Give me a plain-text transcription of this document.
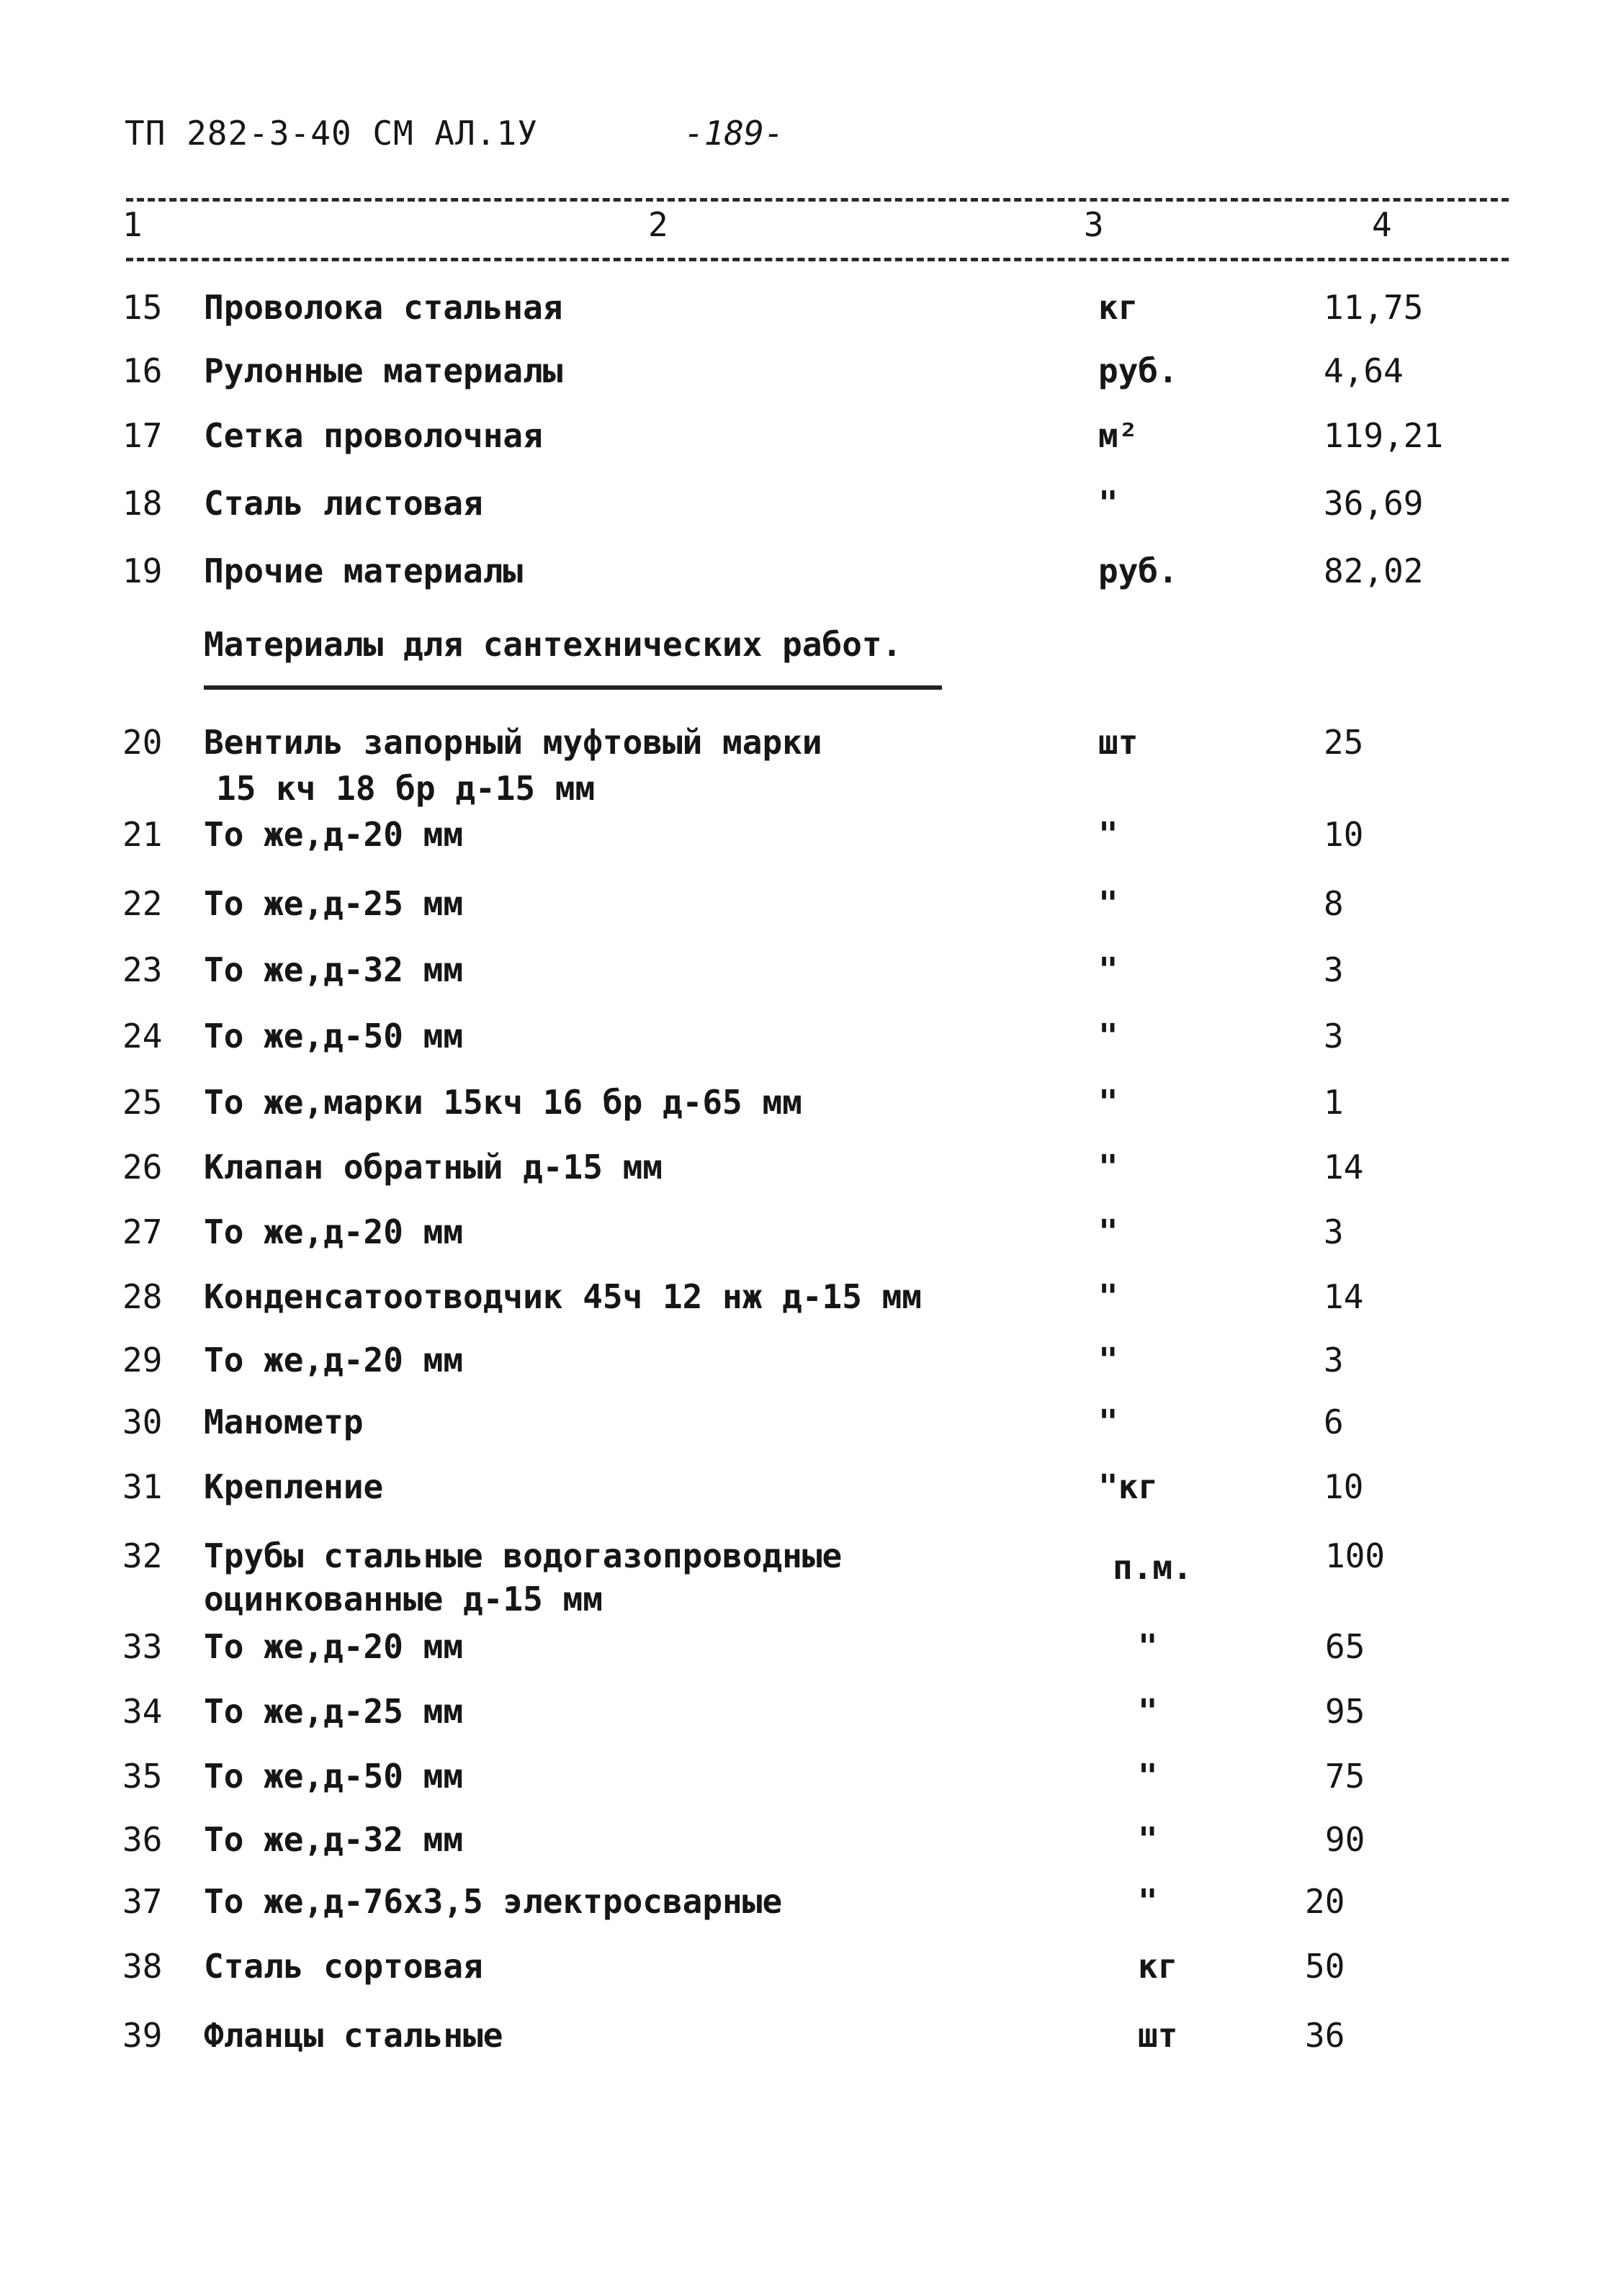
ТП 282-3-40 СМ АЛ.1У	-189-
1	2	3	4
15 Проволока стальная	кг	11,75
16 Рулонные материалы	руб.	4,64
17 Сетка проволочная	м²	119,21
18 Сталь листовая	"	36,69
19 Прочие материалы	руб.	82,02
Материалы для сантехнических работ.
20 Вентиль запорный муфтовый марки
15 кч 18 бр д-15 мм
шт	25
21 То же,д-20 мм	"	10
22 То же,д-25 мм	"	8
23 То же,д-32 мм	"	3
24 То же,д-50 мм	"	3
25 То же,марки 15кч 16 бр д-65 мм	"	1
26 Клапан обратный д-15 мм	"	14
27 То же,д-20 мм	"	3
28 Конденсатоотводчик 45ч 12 нж д-15 мм	"	14
29 То же,д-20 мм	"	3
30 Манометр	"	6
31 Крепление	"кг	10
32 Трубы стальные водогазопроводные
оцинкованные д-15 мм
п.м.	100
33 То же,д-20 мм	"	65
34 То же,д-25 мм	"	95
35 То же,д-50 мм	"	75
36 То же,д-32 мм	"	90
37 То же,д-76х3,5 электросварные	"	20
38 Сталь сортовая	кг	50
39 Фланцы стальные	шт	36
